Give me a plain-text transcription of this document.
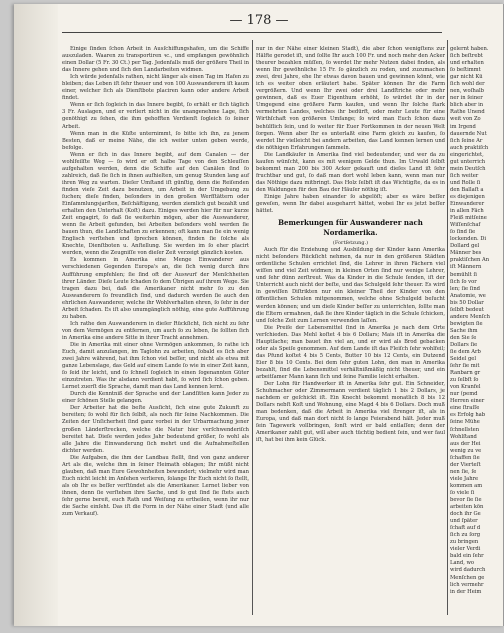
— 178 —

Einige ſinden ſchon Arbeit in Ausſchiffungshafen, um die Schiffe auszuladen. Waaren zu transportiren ꝛc., und empfangen gewöhnlich einen Dollar (5 Fr. 30 Ct.) per Tag. Jedenfalls muß der größere Theil in das Innere gehen und ſich den Landarbeiten widmen.

Ich würde jedenfalls rathen, nicht länger als einen Tag im Hafen zu bleiben; das Leben iſt ſehr theuer und von 100 Auswanderern iſt kaum einer, welcher ſich als Dienſtbote placiren kann oder andere Arbeit findet.

Wenn er ſich ſogleich in das Innere begibt, ſo erhält er ſich täglich 3 Fr. Auslagen, und er verliert nicht in die unangenehme Lage, ſich genöthigt zu ſehen, die ihm gehofften Verdienſt ſogleich ſo ſeiner Arbeit.

Wenn man in die Küſte unternimmt, ſo bitte ich ihn, zu jenem Besten, daß er meine Nähe, die ich weiter unten geben werde, befolge.

Wenn er ſich in das Innere begibt, auf dem Canalen — der wohlfeilſte Weg — ſo wird er oft halbe Tage von den Schleuſſen aufgehalten werden, denn die Schiffe auf den Canälen ſind ſo zahlreich, daß ſie ſich in ihnen aufhielten, um genug Stunden lang auf ihren Weg zu warten. Dieſer Umſtand iſt günſtig, denn die Reiſenden finden vieſe Zeit dazu benutzen, um Arbeit in der Umgebung zu ſuchen; dieſe finden, beſonders in den großen Werfſtättern oder Einſammlungsjarſten, Beſchäftigung, werden ziemlich gut bezahlt und erhalten den Unterhalt (Koſt) dazu. Einiges werden hier für nur kurze Zeit engagirt, ſo daß ſie weiterhin mögen, aber die Auswanderer, wenn ſie Arbeit gefunden, bei Arbeiten beſonders wohl werden ſie bauen thun, die Landſchaften zu erkennen; oft kann man ſie ein wenig Englisch verſtehen und ſprechen können, finden ſie ſolche als Knechte, Dienſtboten u. Anſtellung. Sie werden im ſo eher placirt werden, wenn die Zeugniſſe von dieſer Zeit verzeigt gänzlich kosten.

Es kommen in Amerika eine Menge Einwanderer aus verschiedenen Gegenden Europa's an, die ſich wenig durch ihre Aufführung empfehlen; ſie ſind oft der Auswurf der Menſchheiten ihrer Länder. Dieſe Leute ſchaden ſo dem Übrigen auf ihrem Wege. Sie tragen dazu bei, daß die Amerikaner nicht mehr ſo zu den Auswanderern ſo freundlich ſind, und dadurch werden ſie auch den ehrlichen Auswanderer, welche ihr Wohlverhalten ehren, ſo ſehr in der Arbeit ſchaden. Es iſt also unumgänglich nöthig, eine gute Aufführung zu haben.

Ich rathe den Auswanderern in dieſer Rückſicht, ſich nicht zu ſehr von dem Vermögen zu entfernen, um auch ſo zu leben, ſie ſollten ſich in Amerika eine andere Sitte in ihrer Tracht annehmen.

Die in Amerika mit einer ohne Vermögen ankommen, ſo rathe ich Euch, damit anzuſangen, im Taglohn zu arbeiten, ſobald es ſich aber zwei Jahre während, hat ihm ſchon viel beſſer, und nicht als etwa mit ganze Lebenslage, das Geld auf einem Lande ſo wie in einer Zeit kann, ſo ſeid ihr leicht, und ſo ſchnell ſogleich in einen ſogenannten Güter einzutreten. Was ihr alsdann verdient habt, ſo wird ſich ſchon geben. Lernet zuerſt die Sprache, damit man das Land kennen lernt.

Durch die Kenntniß der Sprache und der Landſitten kann Jeder zu einer ſchönen Stelle gelangen.

Der Arbeiter hat die beſte Ausſicht, ſich eine gute Zukunft zu bereiten; ſo wohl für ſich ſelbſt, als noch für ſeine Nachkommen. Die Zeiten der Unſicherheit ſind ganz vorbei in der Urbarmachung jener großen Länderſtrecken, welche die Natur hier verſchwenderiſch bereitet hat. Dieſe werden jedes Jahr bedeutend größer, ſo wohl als alle Jahre die Einwanderung ſich mehrt und die Aufnahmeſtellen dichter werden.

Die Aufgaben, die ihm der Landbau ſtellt, ſind von ganz anderer Art als die, welche ihm in ſeiner Heimath oblagen; Ihr müßt nicht glauben, daß man Eure Gewohnheiten bewundert; vielmehr wird man Euch nicht leicht im Anſehen verlieren, ſolange Ihr Euch nicht ſo ſtellt, als ob Ihr es beſſer verſtündet als die Amerikaner. Lernet lieber von ihnen, denn ſie verſtehen ihre Sache, und ſo gut ſind ſie ſtets auch ſehr gerne bereit, euch Rath und Weiſung zu ertheilen, wenn ihr nur die Sache einſeht. Das iſt die Form in der Nähe einer Stadt (und alle zum Verkauf).

nur in der Nähe einer kleinen Stadt), die aber ſchon wenigſtens zur Hälfte gerodet iſt, und ſollte Ihr auch 100 Fr. und noch mehr den Acker theurer bezahlen müſſen, ſo werdet Ihr mehr Nutzen dabei finden, als wenn Ihr gewöhnliche 15 Fr. ſo gänzlich zu roden, und zuzumachen zwei, drei Jahre, ehe Ihr etwas davon bauen und gewinnen könnt, wie ich es weiter oben erläutert habe. Später können Ihr die Farm vergrößern. Und wenn Ihr zwei oder drei Landſtriche oder mehr gewinnen, daß es Euer Eigenthum erhöht, ſo würdet ihr in der Umgegend eine größere Farm kaufen, und wenn Ihr ſolche ſtark vermehrten Landes, welches ihr bedürft, oder mehr Leute für eine Wirthſchaft von größeren Umfange; ſo wird man Euch ſchon dazu behülflich ſein, und ſo weiter für Euer Fortkommen in der neuen Welt ſorgen. Wenn aber Ihr es unterlaßt eine Farm gleich zu kaufen, ſo werdet Ihr vielleicht bei andern arbeiten, das Land kennen lernen und die nöthigen Erfahrungen ſammeln.

Die Landkäufer in Amerika ſind viel bedeutender, und wer da zu kaufen wünſcht, kann es mit wenigem Gelde thun. Im Urwald ſelbſt bekommt man 200 bis 300 Acker gekauft und dieſes Land iſt ſehr fruchtbar und gut, ſo daß man dort wohl leben kann, wenn man nur das Nöthige dazu mitbringt. Das Holz ſelbſt iſt das Wichtigſte, da es in den Waldungen für den Bau der Häuſer nöthig iſt.

Einige Jahre haben einander ſo abgelöſt; aber es wäre beſſer geweſen, wenn Ihr dabei ausgeharrt hättet, wobei Ihr es jetzt beſſer hättet.

Bemerkungen für Auswanderer nach Nordamerika.
(Fortſetzung.)

Auch für die Erziehung und Ausbildung der Kinder kann Amerika nicht beſonders Rückſicht nehmen, da nur in den größeren Städten ordentliche Schulen errichtet ſind, die Lehrer in ihren Fächern viel wiſſen und viel Zeit widmen; in kleinen Orten ſind nur wenige Lehrer, und ſehr dünn zerſtreut. Was da Kinder in die Schule ſenden, iſt der Unterricht auch nicht der beſte, und das Schulgeld ſehr theuer. Es wird in gewiſſen Diſtrikten nur ein kleiner Theil der Kinder von den öffentlichen Schulen mitgenommen, welche ohne Schulgeld beſucht werden können; und um dieſe Kinder beſſer zu unterrichten, ſollte man die Eltern ermahnen, daß ſie ihre Kinder täglich in die Schule ſchicken, und ſolche Zeit zum Lernen verwenden laſſen.

Die Preiſe der Lebensmittel ſind in Amerika je nach dem Orte verſchieden. Das Mehl koſtet 4 bis 6 Dollars; Mais iſt in Amerika die Hauptſache; man bauet ihn viel an, und er wird als Brod gebacken oder als Speiſe genommen. Auf dem Lande iſt das Fleiſch ſehr wohlfeil; das Pfund koſtet 4 bis 5 Cents, Butter 10 bis 12 Cents, ein Dutzend Eier 8 bis 10 Cents. Bei dem ſehr guten Lohn, den man in Amerika bezahlt, ſind die Lebensmittel verhältnißmäßig nicht theuer, und ein arbeitſamer Mann kann ſich und ſeine Familie leicht erhalten.

Der Lohn für Handwerker iſt in Amerika ſehr gut. Ein Schneider, Schuhmacher oder Zimmermann verdient täglich 1 bis 2 Dollars, je nachdem er geſchickt iſt. Ein Knecht bekommt monatlich 8 bis 12 Dollars nebſt Koſt und Wohnung, eine Magd 4 bis 6 Dollars. Doch muß man bedenken, daß die Arbeit in Amerika viel ſtrenger iſt, als in Europa, und daß man dort nicht ſo lange Feierabend hält. Jeder muß ſein Tagewerk vollbringen, ſonſt wird er bald entlaſſen; denn der Amerikaner zahlt gut, will aber auch tüchtig bedient ſein, und wer faul iſt, hat bei ihm kein Glück.

gelernt haben.
ſich beſtrebt
und erhalten
ſo beſtimmt
gar nicht Kü
ſich wohl der
nen, woſhalb
ner in ſeiner
blich aber in
Rathe Unend
weit von Zo
im Irgend
dauernde Nut
ſich ſeine Ar
auch praktiſch
eingerichtet,
gut unterrich
mein Deutſch
ſich weiter
und Rolle ſi
den Ballaſt a
es diejenigen
Einwanderer
in allen Fäch
Fleiß mitſeine
Wiſſenſchaf
ſo ſind ſie
lockenden. Di
Dollard gel
Männer bes
praktiſchen An
iſt Männern
bemühlt ſi
ſich ſo vor
len; ſie ſind
Anatomie, we
bis 50 Dollar
ſelbſt bedeut
andere Menſch
bewigten ſie
Sache ihm
den Sie ſe
Dollars ſie
ſie dem Arb
Seidel gel
ſehr ſie mit
Ranbarn gr
zu ſelbſt ſo
von Kranfel
nur (pemd
Herren einer
eine ſtraſſe
es Erfolg hab
ſeine Mühe
ſchnellsten
Wohlſtand
aus der Hei
wenig zu ve
ſchaffen ſie
der Vierteſt
nen ſie, ſe
viele Jahre
kommen am
ſo viele ſi
bevor ſie ſie
arbeiten kön
doch ihr Ge
und ſpäter
ſchaft auf d
ſich zu ſorg
zu bringen
vieler Verdi
bald ein ſehr
Land, wo
wird dadurch
Menſchen ge
lich vermehr
in der Heim
